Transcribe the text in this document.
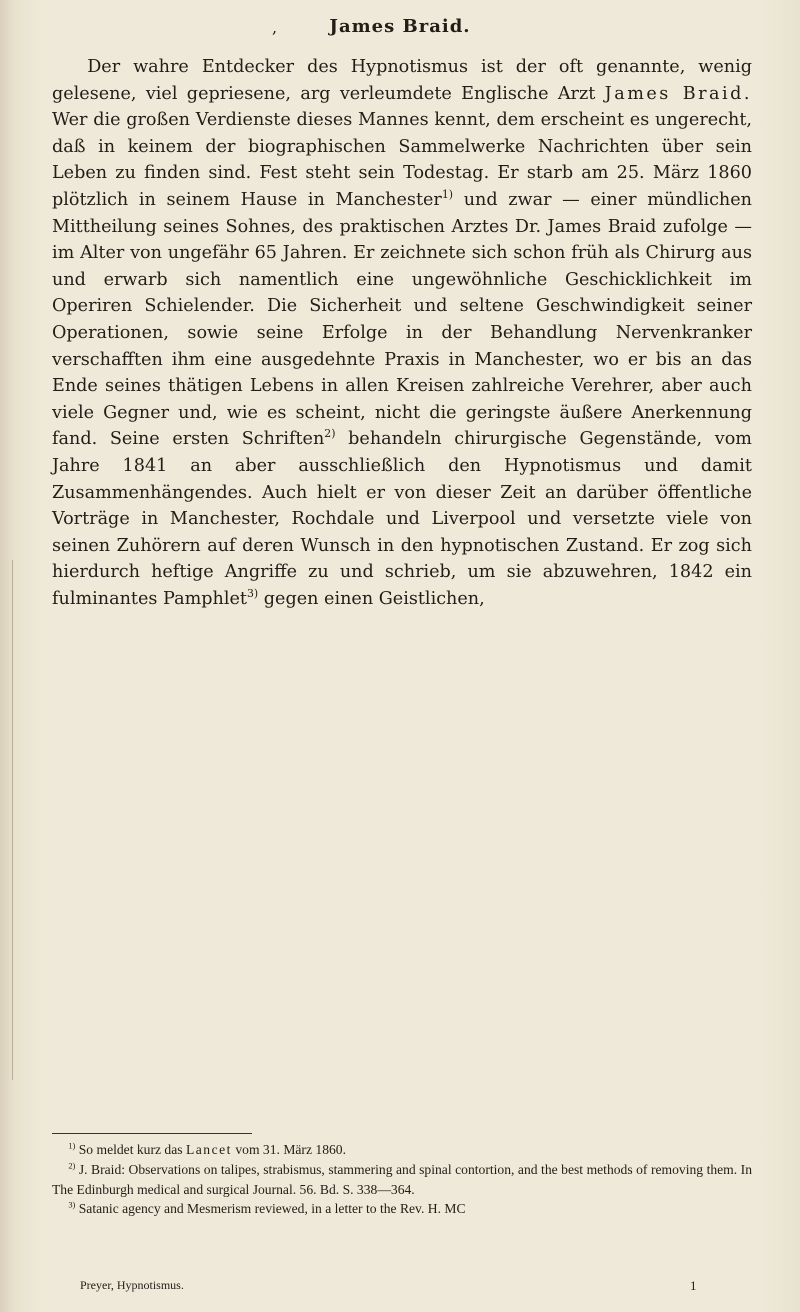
,	James Braid.
Der wahre Entdecker des Hypnotismus ist der oft genannte, wenig gelesene, viel gepriesene, arg verleumdete Englische Arzt James Braid. Wer die großen Verdienste dieses Mannes kennt, dem erscheint es ungerecht, daß in keinem der biographischen Sammelwerke Nachrichten über sein Leben zu finden sind. Fest steht sein Todestag. Er starb am 25. März 1860 plötzlich in seinem Hause in Manchester$^{1)}$ und zwar — einer mündlichen Mittheilung seines Sohnes, des praktischen Arztes Dr. James Braid zufolge — im Alter von ungefähr 65 Jahren. Er zeichnete sich schon früh als Chirurg aus und erwarb sich namentlich eine ungewöhnliche Geschicklichkeit im Operiren Schielender. Die Sicherheit und seltene Geschwindigkeit seiner Operationen, sowie seine Erfolge in der Behandlung Nervenkranker verschafften ihm eine ausgedehnte Praxis in Manchester, wo er bis an das Ende seines thätigen Lebens in allen Kreisen zahlreiche Verehrer, aber auch viele Gegner und, wie es scheint, nicht die geringste äußere Anerkennung fand. Seine ersten Schriften$^{2)}$ behandeln chirurgische Gegenstände, vom Jahre 1841 an aber ausschließlich den Hypnotismus und damit Zusammenhängendes. Auch hielt er von dieser Zeit an darüber öffentliche Vorträge in Manchester, Rochdale und Liverpool und versetzte viele von seinen Zuhörern auf deren Wunsch in den hypnotischen Zustand. Er zog sich hierdurch heftige Angriffe zu und schrieb, um sie abzuwehren, 1842 ein fulminantes Pamphlet$^{3)}$ gegen einen Geistlichen,

$^{1)}$ So meldet kurz das Lancet vom 31. März 1860.

$^{2)}$ J. Braid: Observations on talipes, strabismus, stammering and spinal contortion, and the best methods of removing them. In The Edinburgh medical and surgical Journal. 56. Bd. S. 338—364.

$^{3)}$ Satanic agency and Mesmerism reviewed, in a letter to the Rev. H. MC

Preyer, Hypnotismus.	1
